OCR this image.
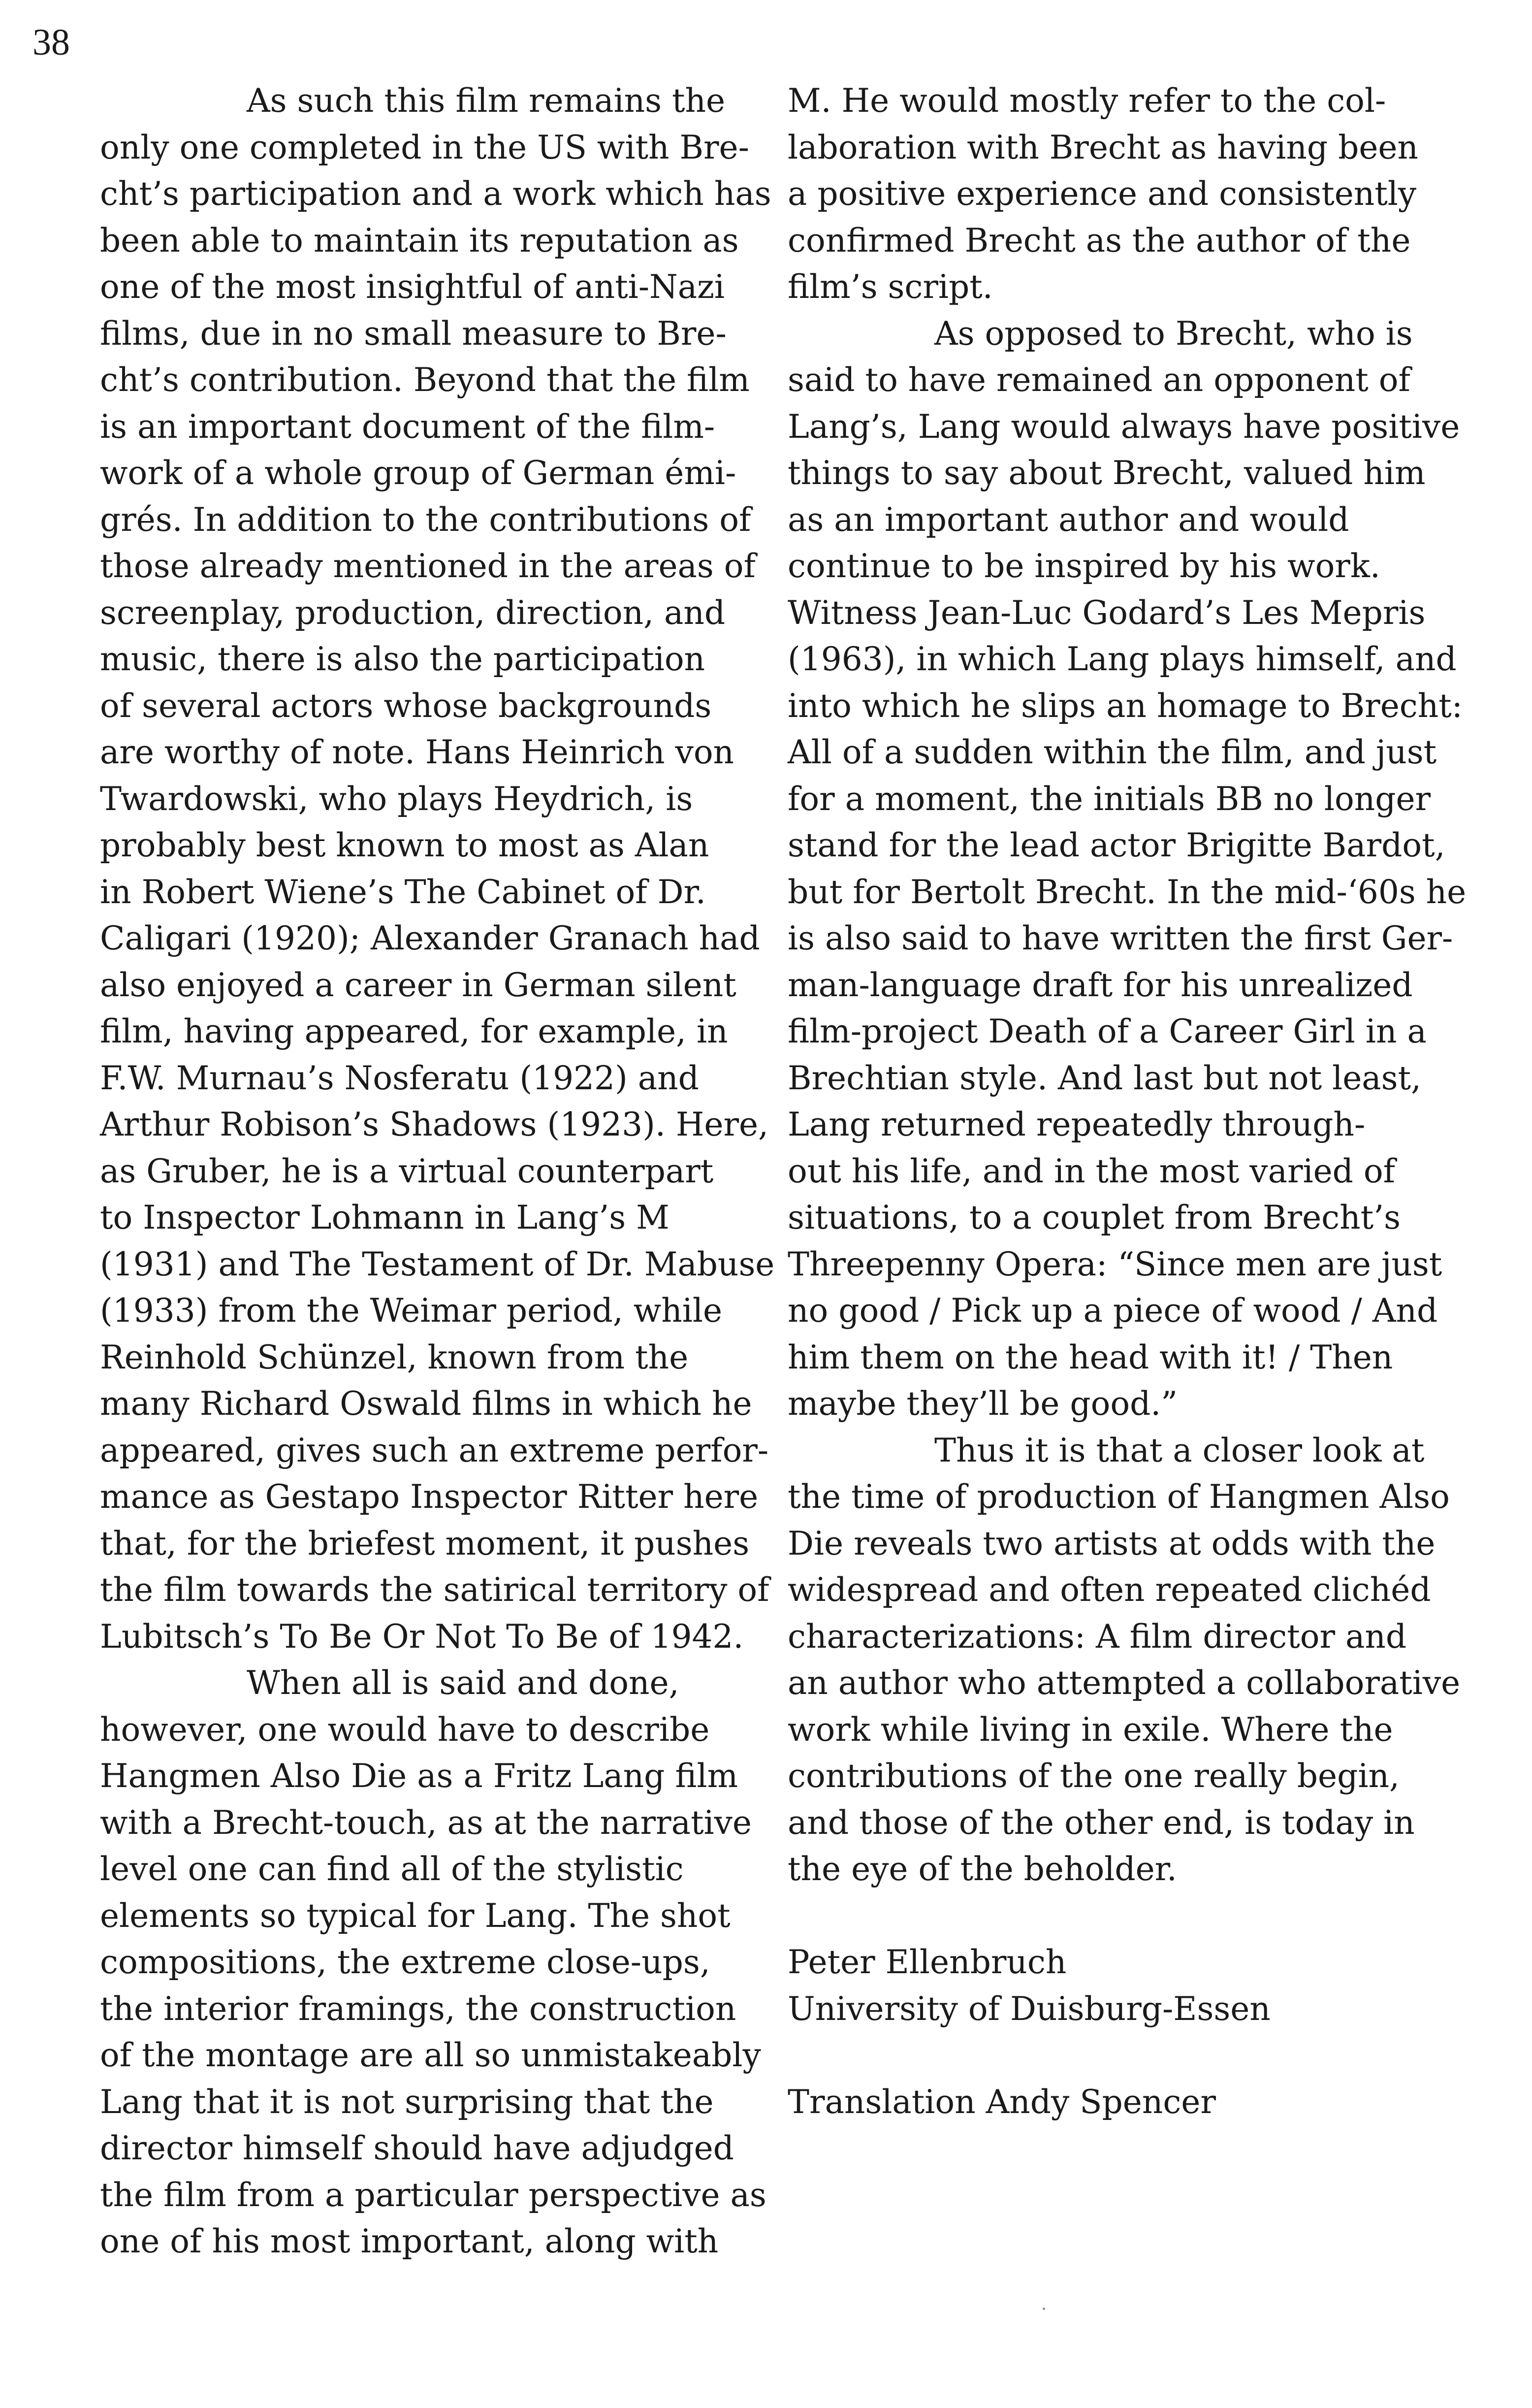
38
As such this film remains the
only one completed in the US with Bre-
cht’s participation and a work which has
been able to maintain its reputation as
one of the most insightful of anti-Nazi
films, due in no small measure to Bre-
cht’s contribution. Beyond that the film
is an important document of the film-
work of a whole group of German émi-
grés. In addition to the contributions of
those already mentioned in the areas of
screenplay, production, direction, and
music, there is also the participation
of several actors whose backgrounds
are worthy of note. Hans Heinrich von
Twardowski, who plays Heydrich, is
probably best known to most as Alan
in Robert Wiene’s The Cabinet of Dr.
Caligari (1920); Alexander Granach had
also enjoyed a career in German silent
film, having appeared, for example, in
F.W. Murnau’s Nosferatu (1922) and
Arthur Robison’s Shadows (1923). Here,
as Gruber, he is a virtual counterpart
to Inspector Lohmann in Lang’s M
(1931) and The Testament of Dr. Mabuse
(1933) from the Weimar period, while
Reinhold Schünzel, known from the
many Richard Oswald films in which he
appeared, gives such an extreme perfor-
mance as Gestapo Inspector Ritter here
that, for the briefest moment, it pushes
the film towards the satirical territory of
Lubitsch’s To Be Or Not To Be of 1942.
When all is said and done,
however, one would have to describe
Hangmen Also Die as a Fritz Lang film
with a Brecht-touch, as at the narrative
level one can find all of the stylistic
elements so typical for Lang. The shot
compositions, the extreme close-ups,
the interior framings, the construction
of the montage are all so unmistakeably
Lang that it is not surprising that the
director himself should have adjudged
the film from a particular perspective as
one of his most important, along with
M. He would mostly refer to the col-
laboration with Brecht as having been
a positive experience and consistently
confirmed Brecht as the author of the
film’s script.
As opposed to Brecht, who is
said to have remained an opponent of
Lang’s, Lang would always have positive
things to say about Brecht, valued him
as an important author and would
continue to be inspired by his work.
Witness Jean-Luc Godard’s Les Mepris
(1963), in which Lang plays himself, and
into which he slips an homage to Brecht:
All of a sudden within the film, and just
for a moment, the initials BB no longer
stand for the lead actor Brigitte Bardot,
but for Bertolt Brecht. In the mid-‘60s he
is also said to have written the first Ger-
man-language draft for his unrealized
film-project Death of a Career Girl in a
Brechtian style. And last but not least,
Lang returned repeatedly through-
out his life, and in the most varied of
situations, to a couplet from Brecht’s
Threepenny Opera: “Since men are just
no good / Pick up a piece of wood / And
him them on the head with it! / Then
maybe they’ll be good.”
Thus it is that a closer look at
the time of production of Hangmen Also
Die reveals two artists at odds with the
widespread and often repeated clichéd
characterizations: A film director and
an author who attempted a collaborative
work while living in exile. Where the
contributions of the one really begin,
and those of the other end, is today in
the eye of the beholder.
Peter Ellenbruch
University of Duisburg-Essen
Translation Andy Spencer
